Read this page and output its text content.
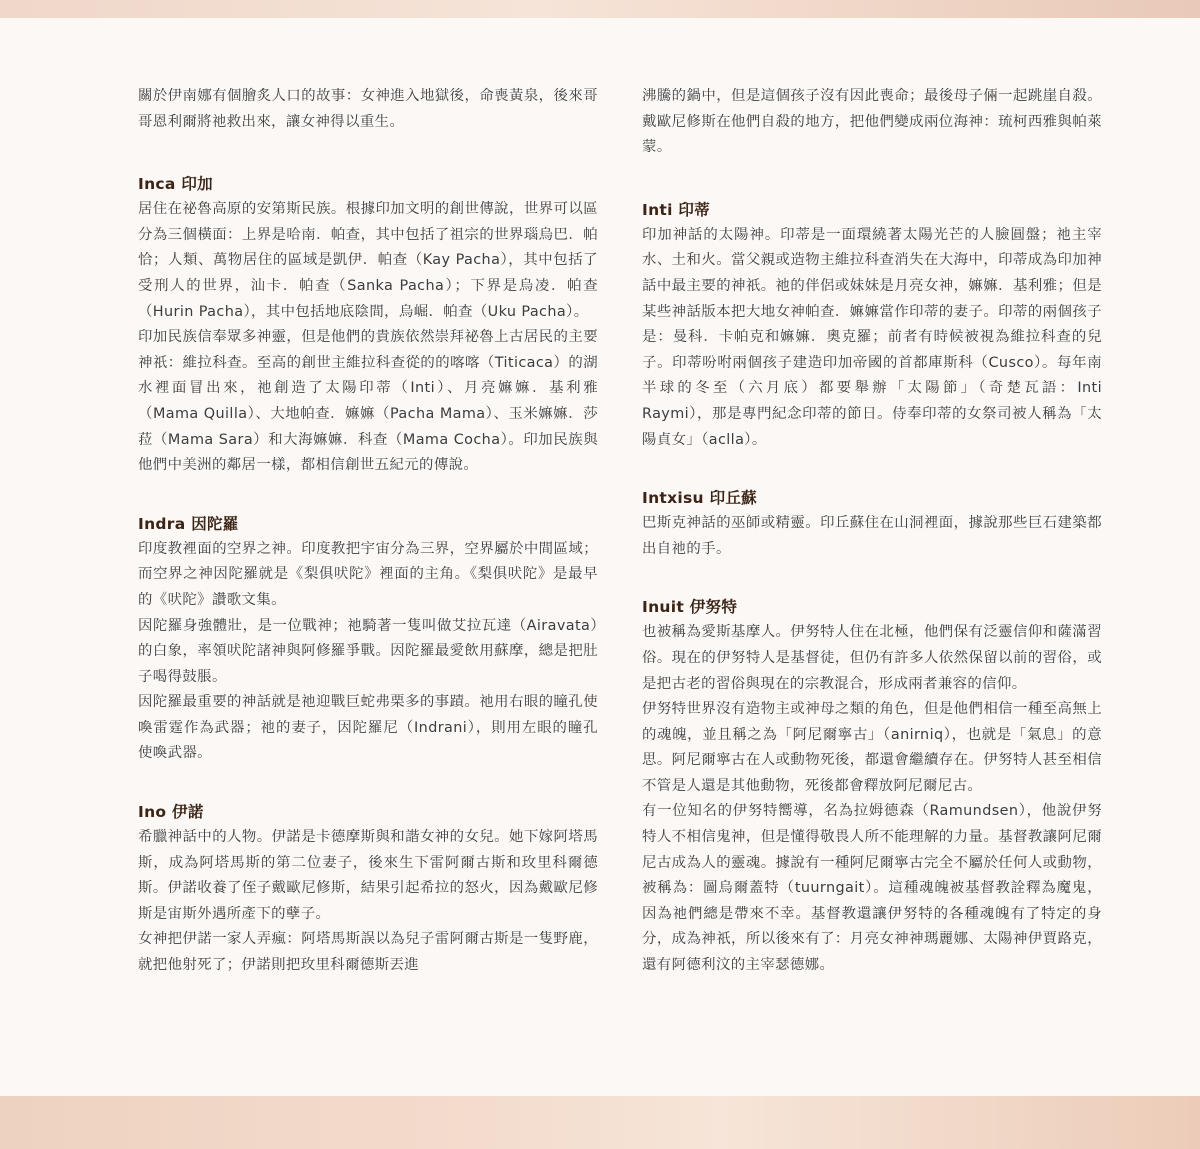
關於伊南娜有個膾炙人口的故事：女神進入地獄後，命喪黃泉，後來哥哥恩利爾將祂救出來，讓女神得以重生。

Inca 印加

居住在祕魯高原的安第斯民族。根據印加文明的創世傳說，世界可以區分為三個橫面：上界是哈南．帕查，其中包括了祖宗的世界瑙烏巴．帕恰；人類、萬物居住的區域是凱伊．帕查（Kay Pacha），其中包括了受刑人的世界，汕卡．帕查（Sanka Pacha）；下界是烏凌．帕查（Hurin Pacha），其中包括地底陰間，烏崛．帕查（Uku Pacha）。

印加民族信奉眾多神靈，但是他們的貴族依然崇拜祕魯上古居民的主要神祇：維拉科查。至高的創世主維拉科查從的的喀喀（Titicaca）的湖水裡面冒出來，祂創造了太陽印蒂（Inti）、月亮嫲嫲．基利雅（Mama Quilla）、大地帕查．嫲嫲（Pacha Mama）、玉米嫲嫲．莎菈（Mama Sara）和大海嫲嫲．科查（Mama Cocha）。印加民族與他們中美洲的鄰居一樣，都相信創世五紀元的傳說。

Indra 因陀羅

印度教裡面的空界之神。印度教把宇宙分為三界，空界屬於中間區域；而空界之神因陀羅就是《梨俱吠陀》裡面的主角。《梨俱吠陀》是最早的《吠陀》讚歌文集。

因陀羅身強體壯，是一位戰神；祂騎著一隻叫做艾拉瓦達（Airavata）的白象，率領吠陀諸神與阿修羅爭戰。因陀羅最愛飲用蘇摩，總是把肚子喝得鼓脹。

因陀羅最重要的神話就是祂迎戰巨蛇弗栗多的事蹟。祂用右眼的瞳孔使喚雷霆作為武器；祂的妻子，因陀羅尼（Indrani），則用左眼的瞳孔使喚武器。

Ino 伊諾

希臘神話中的人物。伊諾是卡德摩斯與和諧女神的女兒。她下嫁阿塔馬斯，成為阿塔馬斯的第二位妻子，後來生下雷阿爾古斯和玫里科爾德斯。伊諾收養了侄子戴歐尼修斯，結果引起希拉的怒火，因為戴歐尼修斯是宙斯外遇所產下的孽子。

女神把伊諾一家人弄瘋：阿塔馬斯誤以為兒子雷阿爾古斯是一隻野鹿，就把他射死了；伊諾則把玫里科爾德斯丟進

沸騰的鍋中，但是這個孩子沒有因此喪命；最後母子倆一起跳崖自殺。戴歐尼修斯在他們自殺的地方，把他們變成兩位海神：琉柯西雅與帕萊蒙。

Inti 印蒂

印加神話的太陽神。印蒂是一面環繞著太陽光芒的人臉圓盤；祂主宰水、土和火。當父親或造物主維拉科查消失在大海中，印蒂成為印加神話中最主要的神祇。祂的伴侶或妹妹是月亮女神，嫲嫲．基利雅；但是某些神話版本把大地女神帕查．嫲嫲當作印蒂的妻子。印蒂的兩個孩子是：曼科．卡帕克和嫲嫲．奧克羅；前者有時候被視為維拉科查的兒子。印蒂吩咐兩個孩子建造印加帝國的首都庫斯科（Cusco）。每年南半球的冬至（六月底）都要舉辦「太陽節」（奇楚瓦語：Inti Raymi），那是專門紀念印蒂的節日。侍奉印蒂的女祭司被人稱為「太陽貞女」（aclla）。

Intxisu 印丘蘇

巴斯克神話的巫師或精靈。印丘蘇住在山洞裡面，據說那些巨石建築都出自祂的手。

Inuit 伊努特

也被稱為愛斯基摩人。伊努特人住在北極，他們保有泛靈信仰和薩滿習俗。現在的伊努特人是基督徒，但仍有許多人依然保留以前的習俗，或是把古老的習俗與現在的宗教混合，形成兩者兼容的信仰。

伊努特世界沒有造物主或神母之類的角色，但是他們相信一種至高無上的魂魄，並且稱之為「阿尼爾寧古」（anirniq），也就是「氣息」的意思。阿尼爾寧古在人或動物死後，都還會繼續存在。伊努特人甚至相信不管是人還是其他動物，死後都會釋放阿尼爾尼古。

有一位知名的伊努特嚮導，名為拉姆德森（Ramundsen），他說伊努特人不相信鬼神，但是懂得敬畏人所不能理解的力量。基督教讓阿尼爾尼古成為人的靈魂。據說有一種阿尼爾寧古完全不屬於任何人或動物，被稱為：圖烏爾蓋特（tuurngait）。這種魂魄被基督教詮釋為魔鬼，因為祂們總是帶來不幸。基督教還讓伊努特的各種魂魄有了特定的身分，成為神祇，所以後來有了：月亮女神神瑪麗娜、太陽神伊賈路克，還有阿德利汶的主宰瑟德娜。
